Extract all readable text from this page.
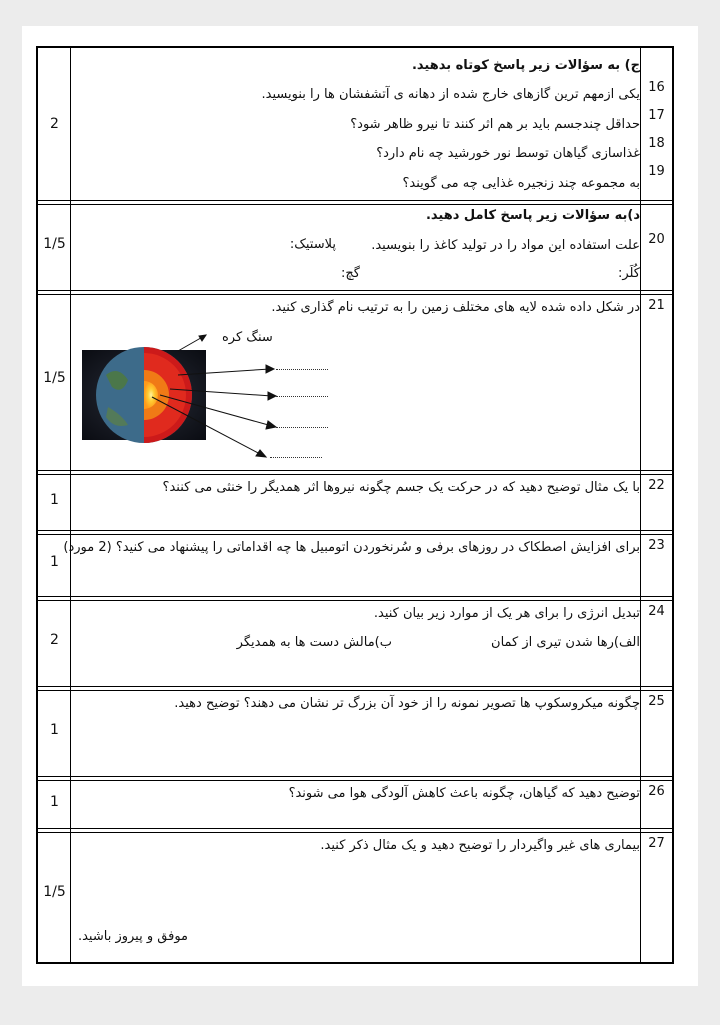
ج) به سؤالات زیر پاسخ کوتاه بدهید.
2
16
یکی ازمهم ترین گازهای خارج شده از دهانه ی آتشفشان ها را بنویسید.
17
حداقل چندجسم باید بر هم اثر کنند تا نیرو ظاهر شود؟
18
غذاسازی گیاهان توسط نور خورشید چه نام دارد؟
19
به مجموعه چند زنجیره غذایی چه می گویند؟
د)به سؤالات زیر پاسخ کامل دهید.
1/5	20
علت استفاده این مواد را در تولید کاغذ را بنویسید.
پلاستیک:
کُلَر:
گچ:
21
1/5
در شکل داده شده لایه های مختلف زمین را به ترتیب نام گذاری کنید.
سنگ کره
22
1
با یک مثال توضیح دهید که در حرکت یک جسم چگونه نیروها اثر همدیگر را خنثی می کنند؟
23
1
برای افزایش اصطکاک در روزهای برفی و سُرنخوردن اتومبیل ها چه اقداماتی را پیشنهاد می کنید؟ (2 مورد)
24
2
تبدیل انرژی را برای هر یک از موارد زیر بیان کنید.
الف)رها شدن تیری از کمان
ب)مالش دست ها به همدیگر
25
1
چگونه میکروسکوپ ها تصویر نمونه را از خود آن بزرگ تر نشان می دهند؟ توضیح دهید.
26
1
توضیح دهید که گیاهان، چگونه باعث کاهش آلودگی هوا می شوند؟
27
1/5
بیماری های غیر واگیردار را توضیح دهید و یک مثال ذکر کنید.
موفق و پیروز باشید.
